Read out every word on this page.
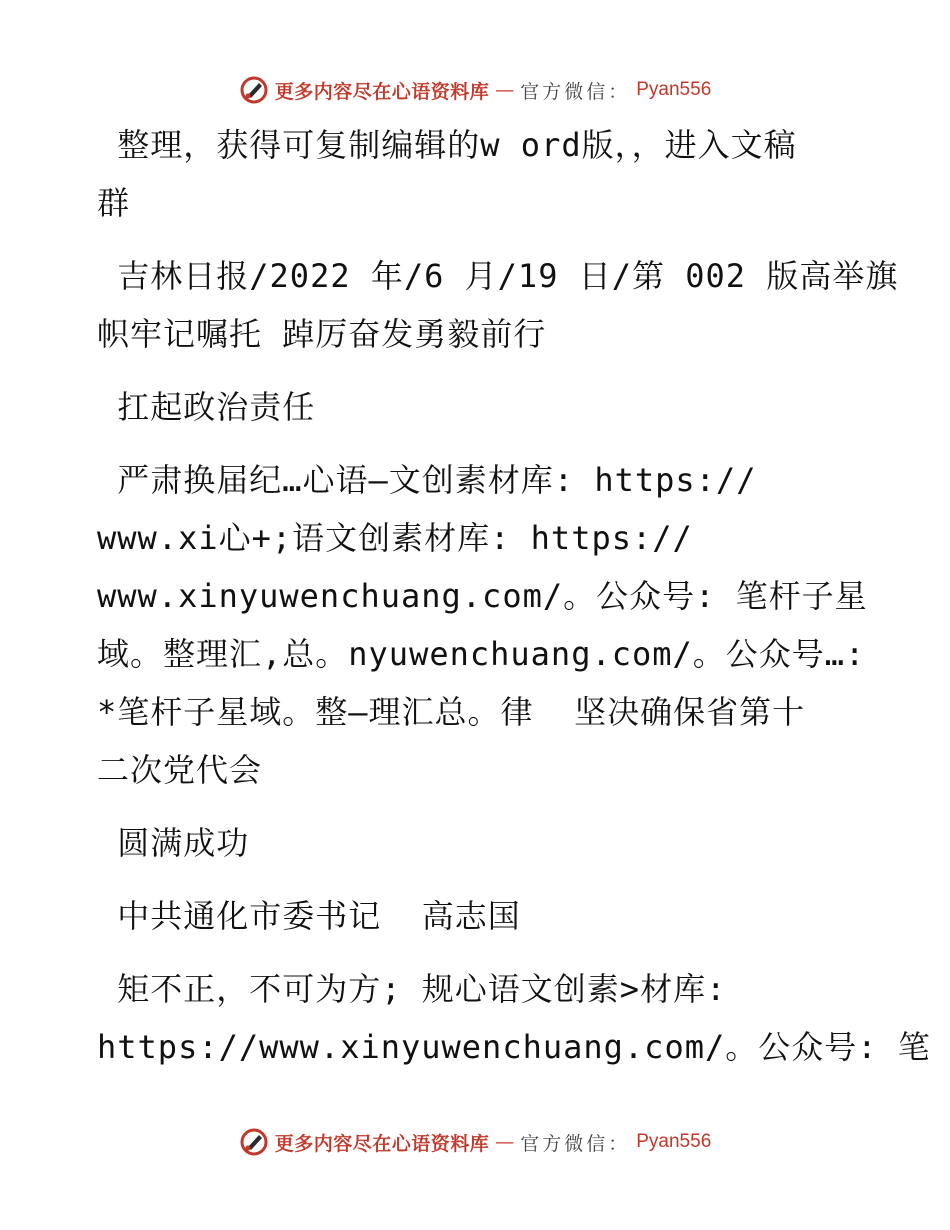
更多内容尽在心语资料库 — 官方微信： Pyan556
整理，获得可复制编辑的w ord版，，进入文稿
群
吉林日报/2022 年/6 月/19 日/第 002 版高举旗
帜牢记嘱托 踔厉奋发勇毅前行
扛起政治责任
严肃换届纪…心语—文创素材库: https://
www.xi心+;语文创素材库: https://
www.xinyuwenchuang.com/。公众号: 笔杆子星
域。整理汇,总。nyuwenchuang.com/。公众号…:
*笔杆子星域。整—理汇总。律  坚决确保省第十
二次党代会
圆满成功
中共通化市委书记  高志国
矩不正，不可为方; 规心语文创素>材库:
https://www.xinyuwenchuang.com/。公众号: 笔
更多内容尽在心语资料库 — 官方微信： Pyan556
